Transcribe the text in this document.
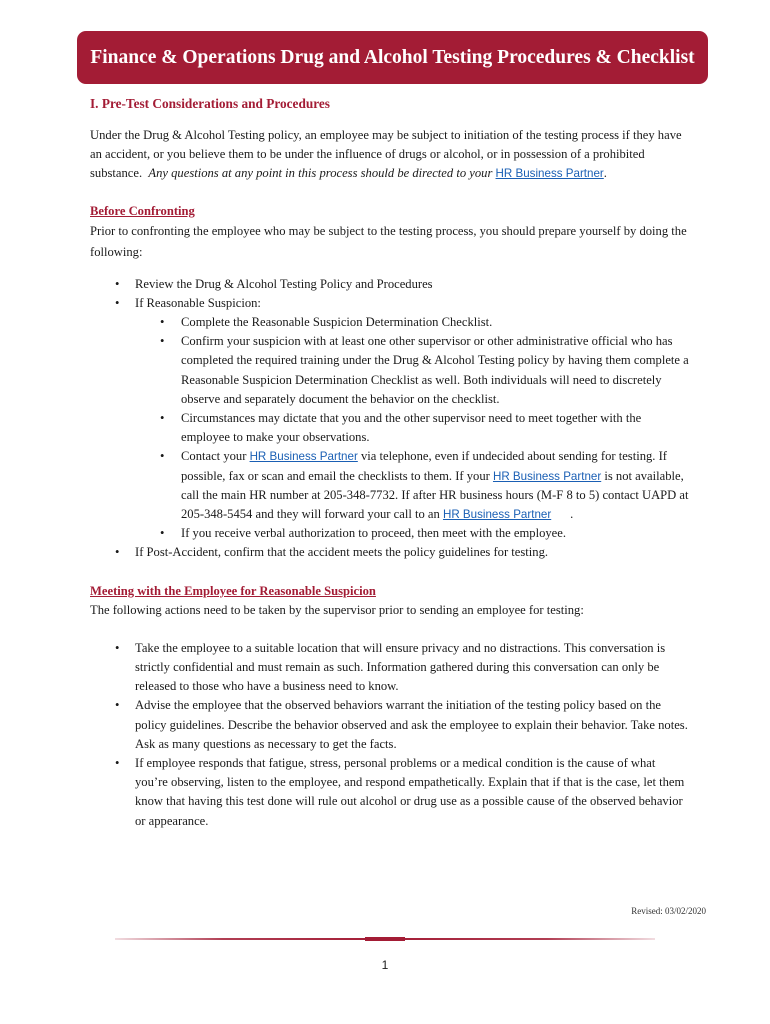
Finance & Operations Drug and Alcohol Testing Procedures & Checklist

I. Pre-Test Considerations and Procedures

Under the Drug & Alcohol Testing policy, an employee may be subject to initiation of the testing process if they have an accident, or you believe them to be under the influence of drugs or alcohol, or in possession of a prohibited substance. Any questions at any point in this process should be directed to your HR Business Partner.

Before Confronting

Prior to confronting the employee who may be subject to the testing process, you should prepare yourself by doing the following:

• Review the Drug & Alcohol Testing Policy and Procedures
• If Reasonable Suspicion:
• Complete the Reasonable Suspicion Determination Checklist.
• Confirm your suspicion with at least one other supervisor or other administrative official who has completed the required training under the Drug & Alcohol Testing policy by having them complete a Reasonable Suspicion Determination Checklist as well. Both individuals will need to discretely observe and separately document the behavior on the checklist.
• Circumstances may dictate that you and the other supervisor need to meet together with the employee to make your observations.
• Contact your HR Business Partner via telephone, even if undecided about sending for testing. If possible, fax or scan and email the checklists to them. If your HR Business Partner is not available, call the main HR number at 205-348-7732. If after HR business hours (M-F 8 to 5) contact UAPD at 205-348-5454 and they will forward your call to an HR Business Partner .
• If you receive verbal authorization to proceed, then meet with the employee.
• If Post-Accident, confirm that the accident meets the policy guidelines for testing.

Meeting with the Employee for Reasonable Suspicion

The following actions need to be taken by the supervisor prior to sending an employee for testing:

• Take the employee to a suitable location that will ensure privacy and no distractions. This conversation is strictly confidential and must remain as such. Information gathered during this conversation can only be released to those who have a business need to know.
• Advise the employee that the observed behaviors warrant the initiation of the testing policy based on the policy guidelines. Describe the behavior observed and ask the employee to explain their behavior. Take notes. Ask as many questions as necessary to get the facts.
• If employee responds that fatigue, stress, personal problems or a medical condition is the cause of what you’re observing, listen to the employee, and respond empathetically. Explain that if that is the case, let them know that having this test done will rule out alcohol or drug use as a possible cause of the observed behavior or appearance.
Revised: 03/02/2020
1
